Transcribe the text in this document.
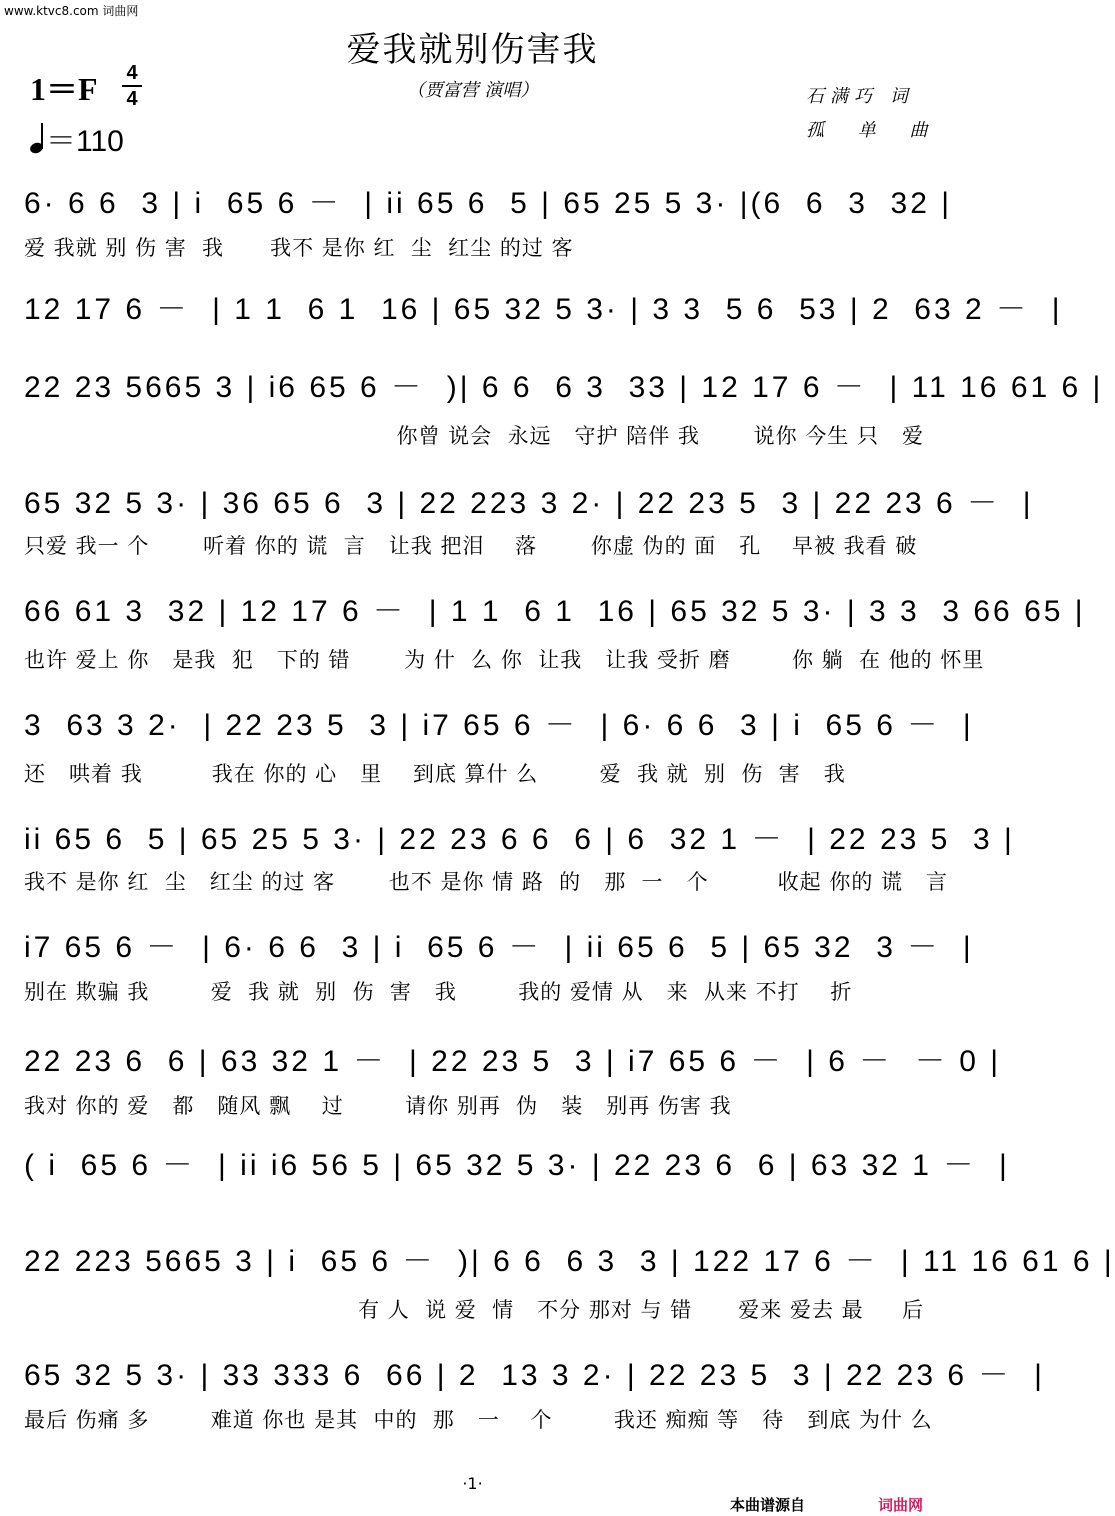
www.ktvc8.com 词曲网
爱我就别伤害我
（贾富营 演唱）
1＝F 4
4
＝110
石满巧 词
孤 单 曲
6· 6 6  3 | i  65 6 －  | ii 65 6  5 | 65 25 5 3· |(6  6  3  32 |
爱 我就 别 伤 害  我      我不 是你 红  尘  红尘 的过 客
12 17 6 －  | 1 1  6 1  16 | 65 32 5 3· | 3 3  5 6  53 | 2  63 2 －  |
22 23 5665 3 | i6 65 6 －  )| 6 6  6 3  33 | 12 17 6 －  | 11 16 61 6 |
你曾 说会  永远   守护 陪伴 我       说你 今生 只   爱
65 32 5 3· | 36 65 6  3 | 22 223 3 2· | 22 23 5  3 | 22 23 6 －  |
只爱 我一 个       听着 你的 谎  言   让我 把泪    落       你虚 伪的 面   孔    早被 我看 破
66 61 3  32 | 12 17 6 －  | 1 1  6 1  16 | 65 32 5 3· | 3 3  3 66 65 |
也许 爱上 你   是我  犯   下的 错       为 什  么 你  让我   让我 受折 磨        你 躺  在 他的 怀里
3  63 3 2·  | 22 23 5  3 | i7 65 6 －  | 6· 6 6  3 | i  65 6 －  |
还   哄着 我         我在 你的 心   里    到底 算什 么        爱  我 就  别  伤  害   我
ii 65 6  5 | 65 25 5 3· | 22 23 6 6  6 | 6  32 1 －  | 22 23 5  3 |
我不 是你 红  尘   红尘 的过 客       也不 是你 情 路  的   那  一   个         收起 你的 谎   言
i7 65 6 －  | 6· 6 6  3 | i  65 6 －  | ii 65 6  5 | 65 32  3 －  |
别在 欺骗 我        爱  我 就  别  伤  害   我        我的 爱情 从   来  从来 不打    折
22 23 6  6 | 63 32 1 －  | 22 23 5  3 | i7 65 6 －  | 6 －  － 0 |
我对 你的 爱   都   随风 飘    过        请你 别再  伪   装   别再 伤害 我
( i  65 6 －  | ii i6 56 5 | 65 32 5 3· | 22 23 6  6 | 63 32 1 －  |
22 223 5665 3 | i  65 6 －  )| 6 6  6 3  3 | 122 17 6 －  | 11 16 61 6 |
有 人  说 爱  情   不分 那对 与 错      爱来 爱去 最     后
65 32 5 3· | 33 333 6  66 | 2  13 3 2· | 22 23 5  3 | 22 23 6 －  |
最后 伤痛 多        难道 你也 是其  中的  那   一    个        我还 痴痴 等   待   到底 为什 么
·1·
本曲谱源自	词曲网
